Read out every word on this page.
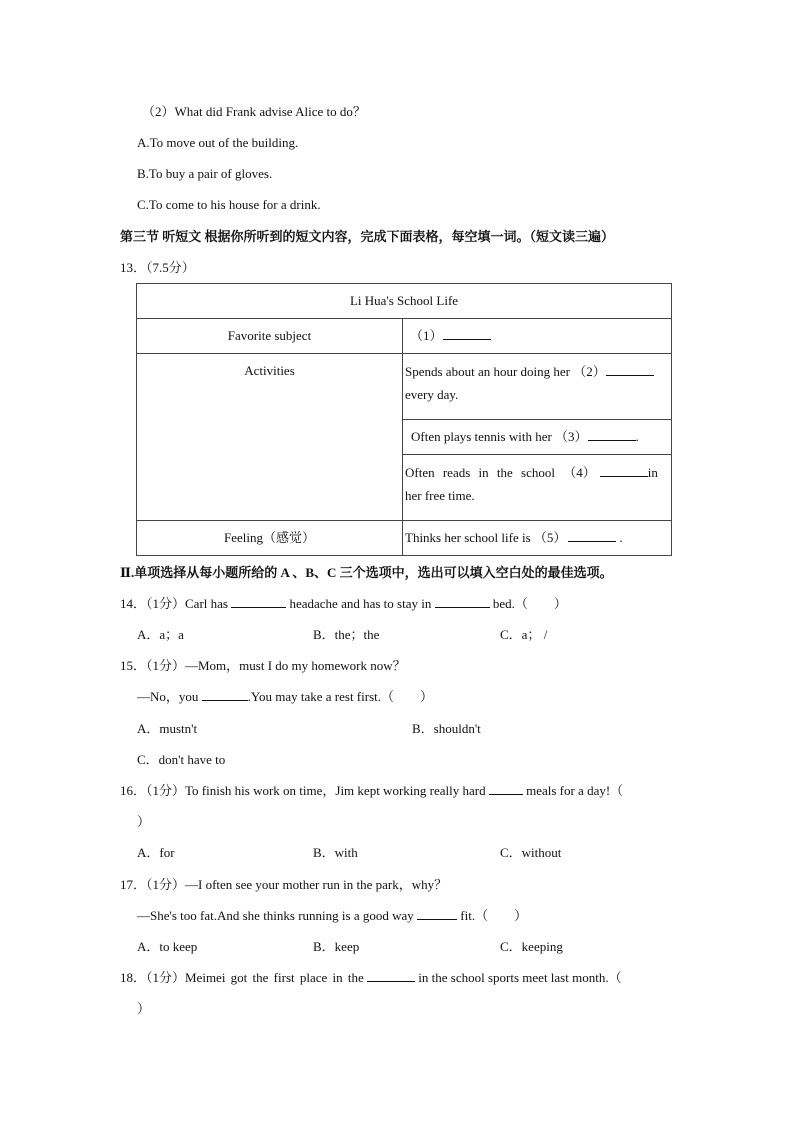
（2）What did Frank advise Alice to do？
A.To move out of the building.
B.To buy a pair of gloves.
C.To come to his house for a drink.
第三节 听短文 根据你所听到的短文内容，完成下面表格，每空填一词。（短文读三遍）
13．（7.5分）
Li Hua's School Life	
Favorite subject	（1）
Activities	Spends about an hour doing her （2）
every day.
	Often plays tennis with her （3） .
	Often reads in the school （4） in
her free time.
Feeling（感觉）	Thinks her school life is （5） .
Ⅱ.单项选择从每小题所给的 A 、B、C 三个选项中，选出可以填入空白处的最佳选项。
14．（1分）Carl has	headache and has to stay in	bed.（　　）
A．a；a	B．the；the	C．a； /
15．（1分）—Mom，must I do my homework now？
—No，you	.You may take a rest first.（　　）
A．mustn't	B．shouldn't
C．don't have to
16．（1分）To finish his work on time，Jim kept working really hard	meals for a day!（
）
A．for	B．with	C．without
17．（1分）—I often see your mother run in the park，why？
—She's too fat.And she thinks running is a good way	fit.（　　）
A．to keep	B．keep	C．keeping
18．（1分）Meimei got the first place in the	in the school sports meet last month.（
）
